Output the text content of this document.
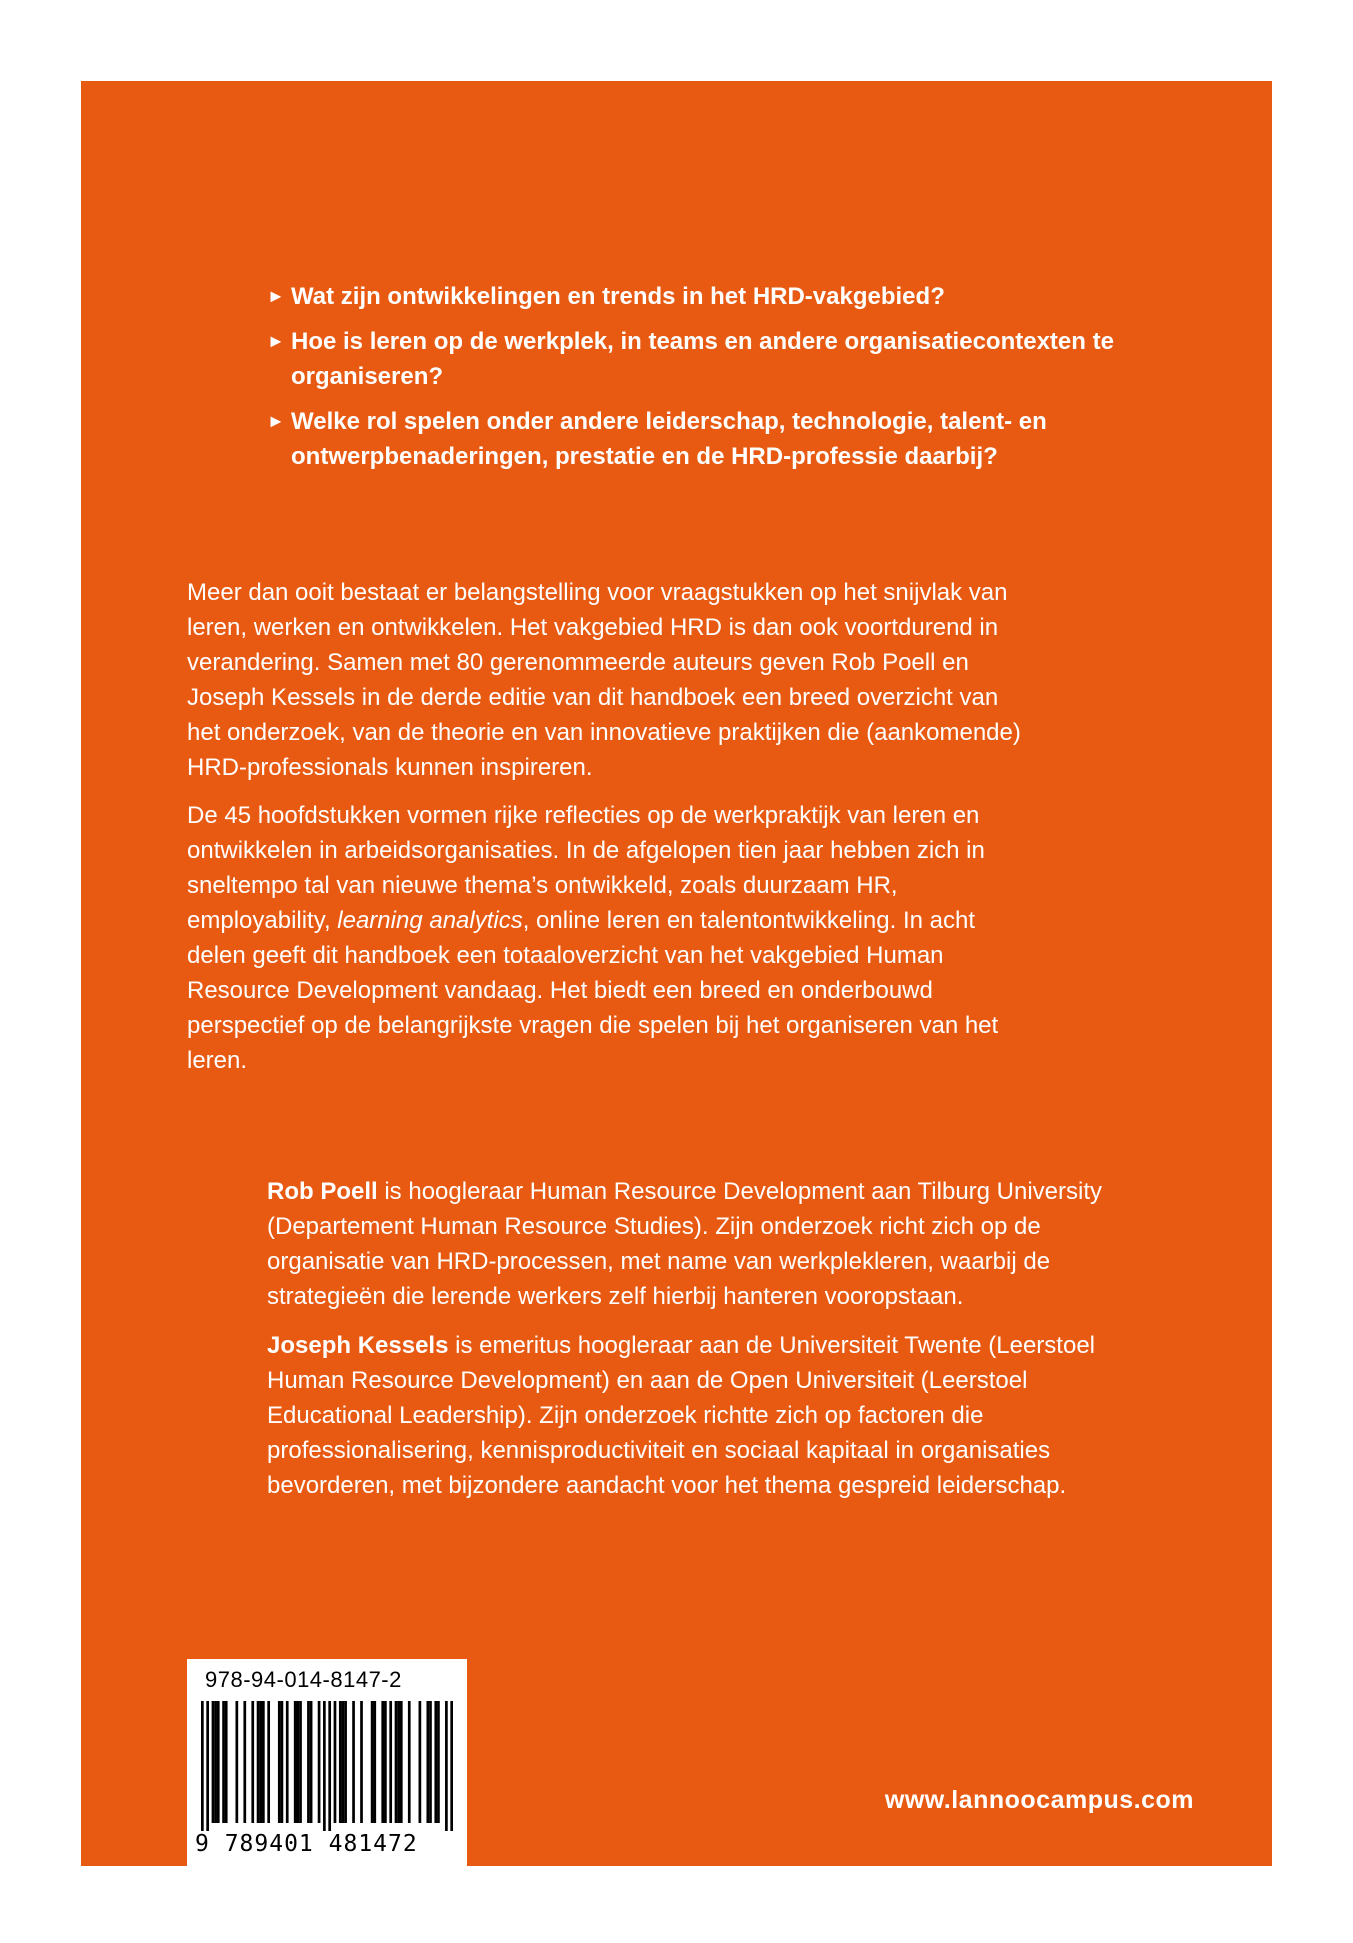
► Wat zijn ontwikkelingen en trends in het HRD-vakgebied?
► Hoe is leren op de werkplek, in teams en andere organisatiecontexten te organiseren?
► Welke rol spelen onder andere leiderschap, technologie, talent- en ontwerpbenaderingen, prestatie en de HRD-professie daarbij?

Meer dan ooit bestaat er belangstelling voor vraagstukken op het snijvlak van leren, werken en ontwikkelen. Het vakgebied HRD is dan ook voortdurend in verandering. Samen met 80 gerenommeerde auteurs geven Rob Poell en Joseph Kessels in de derde editie van dit handboek een breed overzicht van het onderzoek, van de theorie en van innovatieve praktijken die (aankomende) HRD-professionals kunnen inspireren.

De 45 hoofdstukken vormen rijke reflecties op de werkpraktijk van leren en ontwikkelen in arbeidsorganisaties. In de afgelopen tien jaar hebben zich in sneltempo tal van nieuwe thema’s ontwikkeld, zoals duurzaam HR, employability, learning analytics, online leren en talentontwikkeling. In acht delen geeft dit handboek een totaaloverzicht van het vakgebied Human Resource Development vandaag. Het biedt een breed en onderbouwd perspectief op de belangrijkste vragen die spelen bij het organiseren van het leren.

Rob Poell is hoogleraar Human Resource Development aan Tilburg University (Departement Human Resource Studies). Zijn onderzoek richt zich op de organisatie van HRD-processen, met name van werkplekleren, waarbij de strategieën die lerende werkers zelf hierbij hanteren vooropstaan.

Joseph Kessels is emeritus hoogleraar aan de Universiteit Twente (Leerstoel Human Resource Development) en aan de Open Universiteit (Leerstoel Educational Leadership). Zijn onderzoek richtte zich op factoren die professionalisering, kennisproductiviteit en sociaal kapitaal in organisaties bevorderen, met bijzondere aandacht voor het thema gespreid leiderschap.

978-94-014-8147-2
9 789401 481472
www.lannoocampus.com
